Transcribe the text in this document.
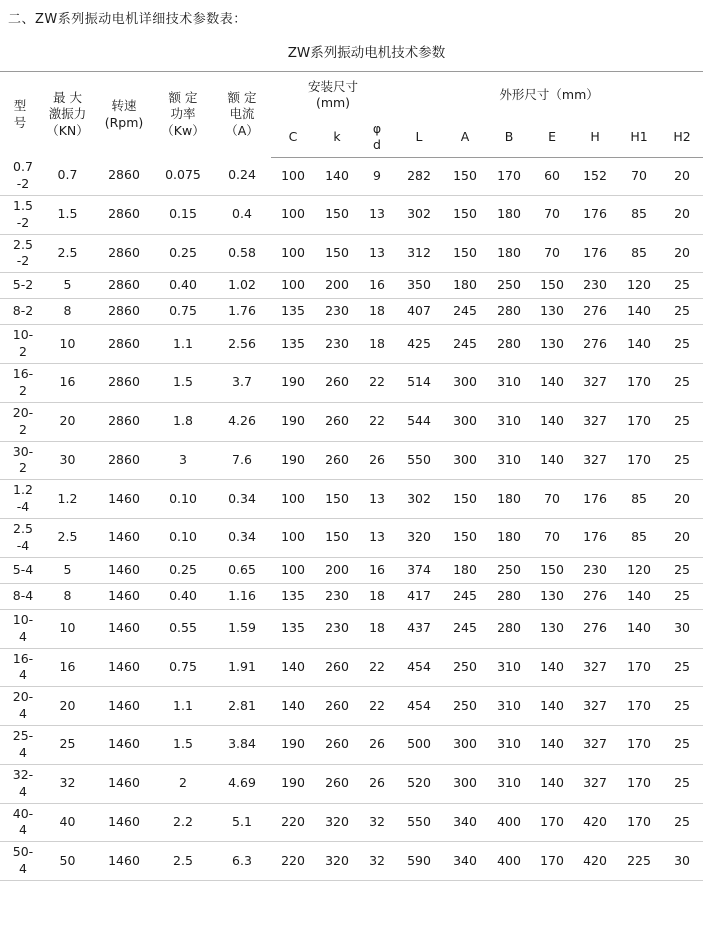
二、ZW系列振动电机详细技术参数表：
ZW系列振动电机技术参数
型
号	最 大
激振力
（KN）	转速
(Rpm)	额 定
功率
（Kw）	额 定
电流
（A）	安装尺寸
(mm)			外形尺寸（mm）						

					C	k	φ
d	L	A	B	E	H	H1	H2

0.7
-2	0.7	2860	0.075	0.24	100	140	9	282	150	170	60	152	70	20

1.5
-2	1.5	2860	0.15	0.4	100	150	13	302	150	180	70	176	85	20

2.5
-2	2.5	2860	0.25	0.58	100	150	13	312	150	180	70	176	85	20

5-2	5	2860	0.40	1.02	100	200	16	350	180	250	150	230	120	25

8-2	8	2860	0.75	1.76	135	230	18	407	245	280	130	276	140	25

10-
2	10	2860	1.1	2.56	135	230	18	425	245	280	130	276	140	25

16-
2	16	2860	1.5	3.7	190	260	22	514	300	310	140	327	170	25

20-
2	20	2860	1.8	4.26	190	260	22	544	300	310	140	327	170	25

30-
2	30	2860	3	7.6	190	260	26	550	300	310	140	327	170	25

1.2
-4	1.2	1460	0.10	0.34	100	150	13	302	150	180	70	176	85	20

2.5
-4	2.5	1460	0.10	0.34	100	150	13	320	150	180	70	176	85	20

5-4	5	1460	0.25	0.65	100	200	16	374	180	250	150	230	120	25

8-4	8	1460	0.40	1.16	135	230	18	417	245	280	130	276	140	25

10-
4	10	1460	0.55	1.59	135	230	18	437	245	280	130	276	140	30

16-
4	16	1460	0.75	1.91	140	260	22	454	250	310	140	327	170	25

20-
4	20	1460	1.1	2.81	140	260	22	454	250	310	140	327	170	25

25-
4	25	1460	1.5	3.84	190	260	26	500	300	310	140	327	170	25

32-
4	32	1460	2	4.69	190	260	26	520	300	310	140	327	170	25

40-
4	40	1460	2.2	5.1	220	320	32	550	340	400	170	420	170	25

50-
4	50	1460	2.5	6.3	220	320	32	590	340	400	170	420	225	30
